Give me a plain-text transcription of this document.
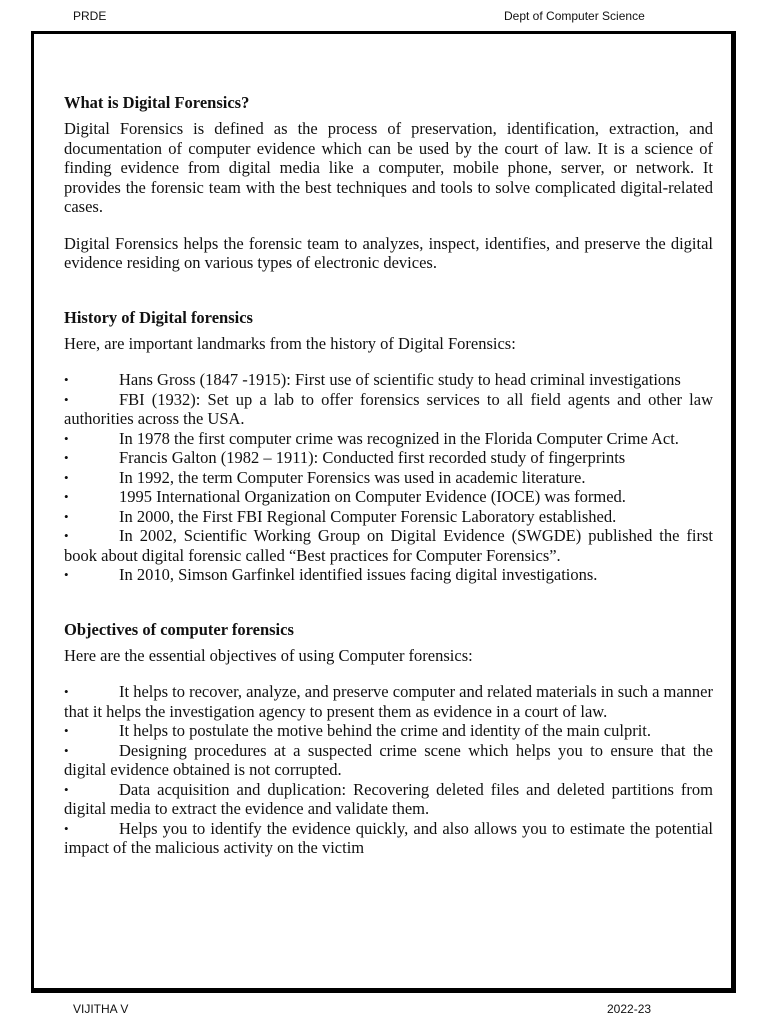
PRDE	Dept of Computer Science
What is Digital Forensics?

Digital Forensics is defined as the process of preservation, identification, extraction, and documentation of computer evidence which can be used by the court of law. It is a science of finding evidence from digital media like a computer, mobile phone, server, or network. It provides the forensic team with the best techniques and tools to solve complicated digital-related cases.

Digital Forensics helps the forensic team to analyzes, inspect, identifies, and preserve the digital evidence residing on various types of electronic devices.

History of Digital forensics

Here, are important landmarks from the history of Digital Forensics:

•	Hans Gross (1847 -1915): First use of scientific study to head criminal investigations
•	FBI (1932): Set up a lab to offer forensics services to all field agents and other law authorities across the USA.
•	In 1978 the first computer crime was recognized in the Florida Computer Crime Act.
•	Francis Galton (1982 – 1911): Conducted first recorded study of fingerprints
•	In 1992, the term Computer Forensics was used in academic literature.
•	1995 International Organization on Computer Evidence (IOCE) was formed.
•	In 2000, the First FBI Regional Computer Forensic Laboratory established.
•	In 2002, Scientific Working Group on Digital Evidence (SWGDE) published the first book about digital forensic called “Best practices for Computer Forensics”.
•	In 2010, Simson Garfinkel identified issues facing digital investigations.
Objectives of computer forensics

Here are the essential objectives of using Computer forensics:

•	It helps to recover, analyze, and preserve computer and related materials in such a manner that it helps the investigation agency to present them as evidence in a court of law.
•	It helps to postulate the motive behind the crime and identity of the main culprit.
•	Designing procedures at a suspected crime scene which helps you to ensure that the digital evidence obtained is not corrupted.
•	Data acquisition and duplication: Recovering deleted files and deleted partitions from digital media to extract the evidence and validate them.
•	Helps you to identify the evidence quickly, and also allows you to estimate the potential impact of the malicious activity on the victim
VIJITHA V	2022-23
